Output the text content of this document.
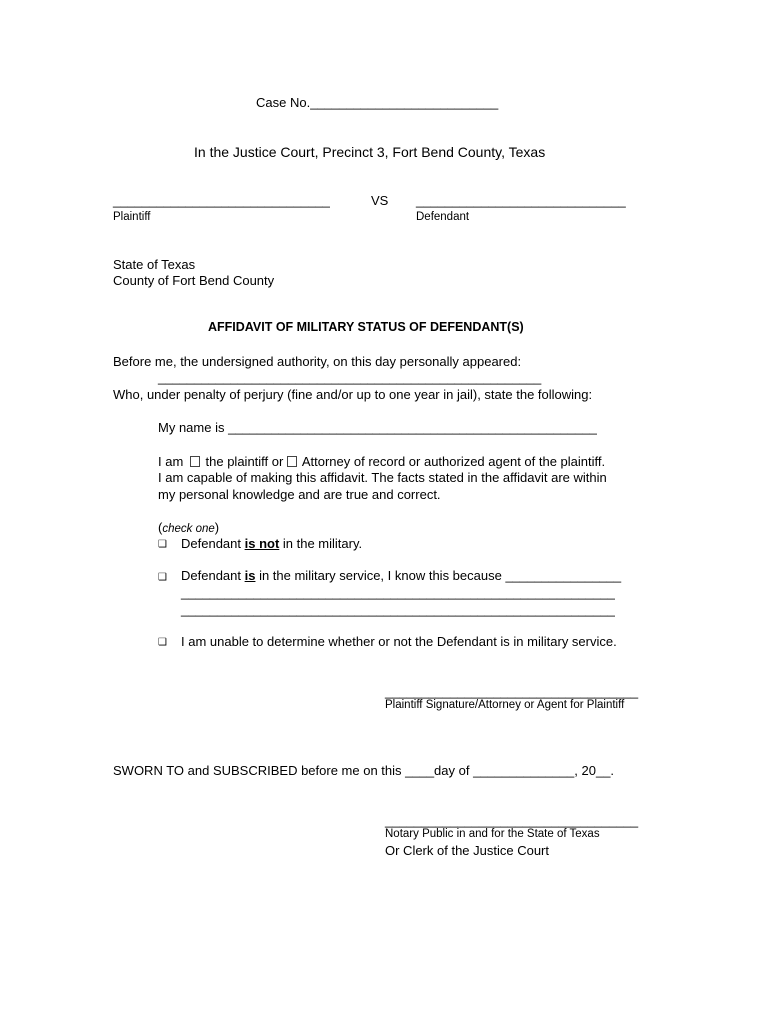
Case No.__________________________
In the Justice Court, Precinct 3, Fort Bend County, Texas
______________________________	VS _____________________________
Plaintiff	Defendant
State of Texas
County of Fort Bend County
AFFIDAVIT OF MILITARY STATUS OF DEFENDANT(S)
Before me, the undersigned authority, on this day personally appeared:
_____________________________________________________
Who, under penalty of perjury (fine and/or up to one year in jail), state the following:
My name is ___________________________________________________
I am  the plaintiff or  Attorney of record or authorized agent of the plaintiff.
I am capable of making this affidavit. The facts stated in the affidavit are within
my personal knowledge and are true and correct.
(check one)
❑ Defendant is not in the military.
❑ Defendant is in the military service, I know this because ________________
____________________________________________________________
____________________________________________________________
❑ I am unable to determine whether or not the Defendant is in military service.
___________________________________
Plaintiff Signature/Attorney or Agent for Plaintiff
SWORN TO and SUBSCRIBED before me on this ____day of ______________, 20__.
___________________________________
Notary Public in and for the State of Texas
Or Clerk of the Justice Court
